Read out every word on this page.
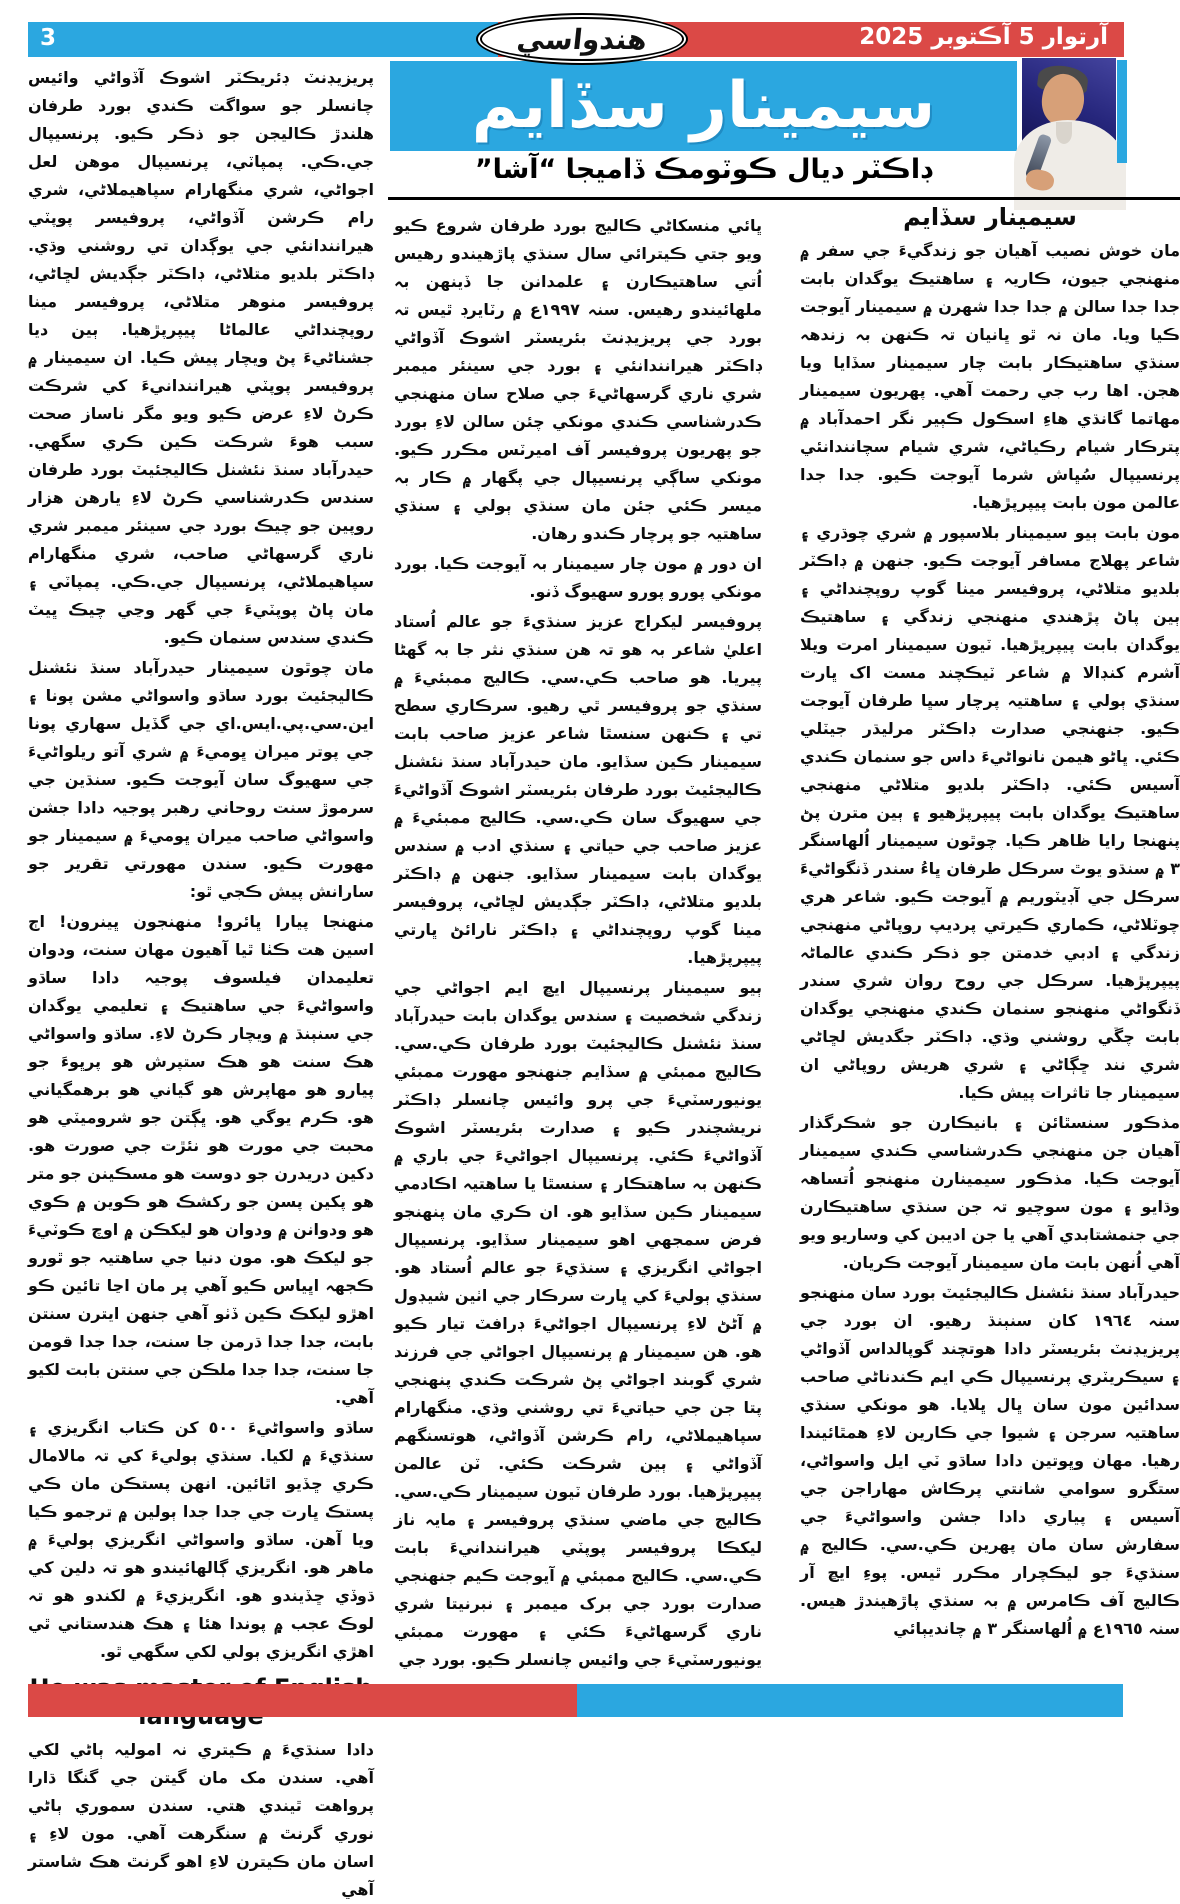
3	آرتوار 5 آڪتوبر 2025
هندواسي
سيمينار سڏايم
ڊاڪٽر ديال ڪوٽومڪ ڏاميجا “آشا”
سيمينار سڏايم

مان خوش نصيب آهيان جو زندگيءَ جي سفر ۾ منهنجي جيون، ڪاريہ ۽ ساهتيڪ يوگدان بابت جدا جدا سالن ۾ جدا جدا شهرن ۾ سيمينار آيوجت ڪيا ويا. مان نہ ٿو ڀانيان تہ ڪنهن بہ زندهہ سنڌي ساهتيڪار بابت چار سيمينار سڏايا ويا هجن. اها رب جي رحمت آهي. پهريون سيمينار مهاتما گانڌي هاءِ اسڪول ڪٻير نگر احمدآباد ۾ پترڪار شيام رڪياڻي، شري شيام سچانندانئي پرنسيپال سُڀاش شرما آيوجت ڪيو. جدا جدا عالمن مون بابت پيپرپڙهيا.

مون بابت ٻيو سيمينار بلاسپور ۾ شري چوڌري ۽ شاعر پهلاج مسافر آيوجت ڪيو. جنهن ۾ ڊاڪٽر بلديو متلاڻي، پروفيسر مينا گوپ روپچنداڻي ۽ ٻين پاڻ پڙهندي منهنجي زندگي ۽ ساهتيڪ يوگدان بابت پيپرپڙهيا. ٽيون سيمينار امرت ويلا آشرم کنڊالا ۾ شاعر ٽيڪچند مست اک ڀارت سنڌي ٻولي ۽ ساهتيہ پرچار سڀا طرفان آيوجت ڪيو. جنهنجي صدارت ڊاڪٽر مرليڌر جيٽلي ڪئي. ڀاڻو هيمن نانواڻيءَ داس جو سنمان ڪندي آسيس ڪئي. ڊاڪٽر بلديو متلاڻي منهنجي ساهتيڪ يوگدان بابت پيپرپڙهيو ۽ ٻين مترن پڻ پنهنجا رايا ظاهر ڪيا. چوٿون سيمينار اُلهاسنگر ٣ ۾ سنڌو يوٿ سرڪل طرفان ڀاءُ سندر ڏنگواڻيءَ سرڪل جي آڊيٽوريم ۾ آيوجت ڪيو. شاعر هري چوٽلاڻي، ڪماري ڪيرتي پرديپ روپاڻي منهنجي زندگي ۽ ادبي خدمتن جو ذڪر ڪندي عالماڻہ پيپرپڙهيا. سرڪل جي روح روان شري سندر ڏنگواڻي منهنجو سنمان ڪندي منهنجي يوگدان بابت چڱي روشني وڌي. ڊاڪٽر جگديش لڇاڻي شري نند ڇڳاڻي ۽ شري هريش روپاڻي ان سيمينار جا تاثرات پيش ڪيا.

مذڪور سنسٿائن ۽ بانيڪارن جو شڪرگذار آهيان جن منهنجي ڪدرشناسي ڪندي سيمينار آيوجت ڪيا. مذڪور سيمينارن منهنجو اُتساهہ وڌايو ۽ مون سوچيو تہ جن سنڌي ساهتيڪارن جي جنمشتابدي آهي يا جن اديبن کي وساريو ويو آهي اُنهن بابت مان سيمينار آيوجت ڪريان.

حيدرآباد سنڌ نئشنل ڪاليجئيٽ بورد سان منهنجو سنہ ١٩٦٤ کان سنٻنڌ رهيو. ان بورد جي پريزيڊنٽ بئريسٽر دادا هوتچند گوپالداس آڏواڻي ۽ سيڪريٽري پرنسيپال ڪي ايم ڪندناڻي صاحب سدائين مون سان ڀال ڀلايا. هو مونکي سنڌي ساهتيہ سرجن ۽ شيوا جي ڪارين لاءِ همٿائيندا رهيا. مهان وڀوتين دادا ساڌو ٽي ايل واسواڻي، ستگرو سوامي شانتي پرڪاش مهاراجن جي آسيس ۽ پياري دادا جشن واسواڻيءَ جي سفارش سان مان پهرين ڪي.سي. ڪاليج ۾ سنڌيءَ جو ليڪچرار مڪرر ٿيس. پوءِ ايڇ آر ڪاليج آف ڪامرس ۾ بہ سنڌي پاڙهيندڙ هيس. سنہ ١٩٦٥ع ۾ اُلهاسنگر ٣ ۾ چانديٻائي

ڀائي منسکاڻي ڪاليج بورد طرفان شروع ڪيو ويو جتي ڪيترائي سال سنڌي پاڙهيندو رهيس اُتي ساهتيڪارن ۽ علمدانن جا ڏينهن بہ ملهائيندو رهيس. سنہ ١٩٩٧ع ۾ رٽايرڊ ٿيس تہ بورد جي پريزيڊنٽ بئريسٽر اشوڪ آڏواڻي ڊاڪٽر هيرانندانئي ۽ بورد جي سينئر ميمبر شري ناري گرسهاڻيءَ جي صلاح سان منهنجي ڪدرشناسي ڪندي مونکي چئن سالن لاءِ بورد جو پهريون پروفيسر آف اميرٽس مڪرر ڪيو. مونکي ساڳي پرنسيپال جي پگهار ۾ ڪار بہ ميسر ڪئي جئن مان سنڌي ٻولي ۽ سنڌي ساهتيہ جو پرچار ڪندو رهان.

ان دور ۾ مون چار سيمينار بہ آيوجت ڪيا. بورد مونکي پورو پورو سهيوگ ڏنو.

پروفيسر ليکراج عزيز سنڌيءَ جو عالم اُستاد اعليٰ شاعر بہ هو تہ هن سنڌي نثر جا بہ گهڻا پيريا. هو صاحب ڪي.سي. ڪاليج ممبئيءَ ۾ سنڌي جو پروفيسر ٿي رهيو. سرڪاري سطح تي ۽ ڪنهن سنسٿا شاعر عزيز صاحب بابت سيمينار ڪين سڏايو. مان حيدرآباد سنڌ نئشنل ڪاليجئيٽ بورد طرفان بئريسٽر اشوڪ آڏواڻيءَ جي سهيوگ سان ڪي.سي. ڪاليج ممبئيءَ ۾ عزيز صاحب جي حياتي ۽ سنڌي ادب ۾ سندس يوگدان بابت سيمينار سڏايو. جنهن ۾ ڊاڪٽر بلديو متلاڻي، ڊاڪٽر جڳديش لڇاڻي، پروفيسر مينا گوپ روپچنداڻي ۽ ڊاڪٽر نارائڻ ڀارتي پيپرپڙهيا.

ٻيو سيمينار پرنسيپال ايڇ ايم اجواڻي جي زندگي شخصيت ۽ سندس يوگدان بابت حيدرآباد سنڌ نئشنل ڪاليجئيٽ بورد طرفان ڪي.سي. ڪاليج ممبئي ۾ سڏايم جنهنجو مهورت ممبئي يونيورسٽيءَ جي پرو وائيس چانسلر ڊاڪٽر نريشچندر ڪيو ۽ صدارت بئريسٽر اشوڪ آڏواڻيءَ ڪئي. پرنسيپال اجواڻيءَ جي باري ۾ ڪنهن بہ ساهتڪار ۽ سنسٿا يا ساهتيہ اڪادمي سيمينار ڪين سڏايو هو. ان ڪري مان پنهنجو فرض سمجهي اهو سيمينار سڏايو. پرنسيپال اجواڻي انگريزي ۽ سنڌيءَ جو عالم اُستاد هو. سنڌي ٻوليءَ کي ڀارت سرڪار جي اٺين شيڊول ۾ آڻڻ لاءِ پرنسيپال اجواڻيءَ ڊرافٽ تيار ڪيو هو. هن سيمينار ۾ پرنسيپال اجواڻي جي فرزند شري گوبند اجواڻي پڻ شرڪت ڪندي پنهنجي پتا جن جي حياتيءَ تي روشني وڌي. منگهارام سپاهيملاڻي، رام ڪرشن آڏواڻي، هوتسنگهم آڏواڻي ۽ ٻين شرڪت ڪئي. ٽن عالمن پيپرپڙهيا. بورد طرفان ٽيون سيمينار ڪي.سي. ڪاليج جي ماضي سنڌي پروفيسر ۽ مايہ ناز ليکڪا پروفيسر پوپٽي هيرانندانيءَ بابت ڪي.سي. ڪاليج ممبئي ۾ آيوجت ڪيم جنهنجي صدارت بورد جي برک ميمبر ۽ نبرنيتا شري ناري گرسهاڻيءَ ڪئي ۽ مهورت ممبئي يونيورسٽيءَ جي وائيس چانسلر ڪيو. بورد جي

پريزيڊنٽ ڊئريڪٽر اشوڪ آڏواڻي وائيس چانسلر جو سواگت ڪندي بورد طرفان هلندڙ ڪاليجن جو ذڪر ڪيو. پرنسيپال جي.ڪي. پمپاٽي، پرنسيپال موهن لعل اجواڻي، شري منگهارام سپاهيملاڻي، شري رام ڪرشن آڏواڻي، پروفيسر پوپٽي هيرانندانئي جي يوڳدان تي روشني وڌي. ڊاڪٽر بلديو متلاڻي، ڊاڪٽر جڳديش لڇاڻي، پروفيسر منوهر متلاڻي، پروفيسر مينا روپچنداڻي عالماڻا پيپرپڙهيا. ٻين ديا جشناڻيءَ پڻ ويچار پيش ڪيا. ان سيمينار ۾ پروفيسر پوپٽي هيرانندانيءَ کي شرڪت ڪرڻ لاءِ عرض ڪيو ويو مگر ناساز صحت سبب هوءَ شرڪت ڪين ڪري سگهي. حيدرآباد سنڌ نئشنل ڪاليجئيٽ بورد طرفان سندس ڪدرشناسي ڪرڻ لاءِ يارهن هزار روپين جو چيڪ بورد جي سينئر ميمبر شري ناري گرسهاڻي صاحب، شري منگهارام سپاهيملاڻي، پرنسيپال جي.ڪي. پمپاٽي ۽ مان پاڻ پوپٽيءَ جي گهر وڃي چيڪ ڀيٽ ڪندي سندس سنمان ڪيو.

مان چوٿون سيمينار حيدرآباد سنڌ نئشنل ڪاليجئيٽ بورد ساڌو واسواڻي مشن پونا ۽ اين.سي.پي.ايس.اي جي گڏيل سهاري پونا جي پوتر ميران ڀوميءَ ۾ شري آتو ريلواڻيءَ جي سهيوگ سان آيوجت ڪيو. سنڌين جي سرموڙ سنت روحاني رهبر پوجيہ دادا جشن واسواڻي صاحب ميران ڀوميءَ ۾ سيمينار جو مهورت ڪيو. سندن مهورتي تقرير جو سارانش پيش ڪجي ٿو:

منهنجا پيارا ڀائرو! منهنجون ڀينرون! اڄ اسين هت ڪٺا ٿيا آهيون مهان سنت، ودوان تعليمدان فيلسوف پوجيہ دادا ساڌو واسواڻيءَ جي ساهتيڪ ۽ تعليمي يوگدان جي سنٻنڌ ۾ ويچار ڪرڻ لاءِ. ساڌو واسواڻي هڪ سنت هو هڪ ستپرش هو پرڀوءَ جو پيارو هو مهاپرش هو گياني هو برهمگياني هو. ڪرم يوگي هو. ڀڳتن جو شروميٽي هو محبت جي مورت هو نئڙت جي صورت هو. دکين دريدرن جو دوست هو مسڪينن جو متر هو پکين پسن جو رکشڪ هو ڪوين ۾ ڪوي هو ودوانن ۾ ودوان هو ليکڪن ۾ اوچ ڪوٽيءَ جو ليکڪ هو. مون دنيا جي ساهتيہ جو ٿورو ڪجهہ اڀياس ڪيو آهي پر مان اڃا تائين ڪو اهڙو ليکڪ ڪين ڏٺو آهي جنهن ايترن سنتن بابت، جدا جدا ڌرمن جا سنت، جدا جدا قومن جا سنت، جدا جدا ملڪن جي سنتن بابت لکيو آهي.

ساڌو واسواڻيءَ ٥٠٠ کن ڪتاب انگريزي ۽ سنڌيءَ ۾ لکيا. سنڌي ٻوليءَ کي تہ مالامال ڪري ڇڏيو اٿائين. انهن پستڪن مان ڪي پستڪ ڀارت جي جدا جدا ٻولين ۾ ترجمو ڪيا ويا آهن. ساڌو واسواڻي انگريزي ٻوليءَ ۾ ماهر هو. انگريزي ڳالهائيندو هو تہ دلين کي ڌوڏي ڇڏيندو هو. انگريزيءَ ۾ لکندو هو تہ لوڪ عجب ۾ پوندا هئا ۽ هڪ هندستاني ٿي اهڙي انگريزي ٻولي لکي سگهي ٿو.

دادا سنڌيءَ ۾ ڪيتري نہ اموليہ ٻاڻي لکي آهي. سندن مک مان گيتن جي گنگا ڌارا پرواهت ٿيندي هتي. سندن سموري ٻاڻي نوري گرنٿ ۾ سنگرهت آهي. مون لاءِ ۽ اسان مان ڪيترن لاءِ اهو گرنٿ هڪ شاستر آهي
